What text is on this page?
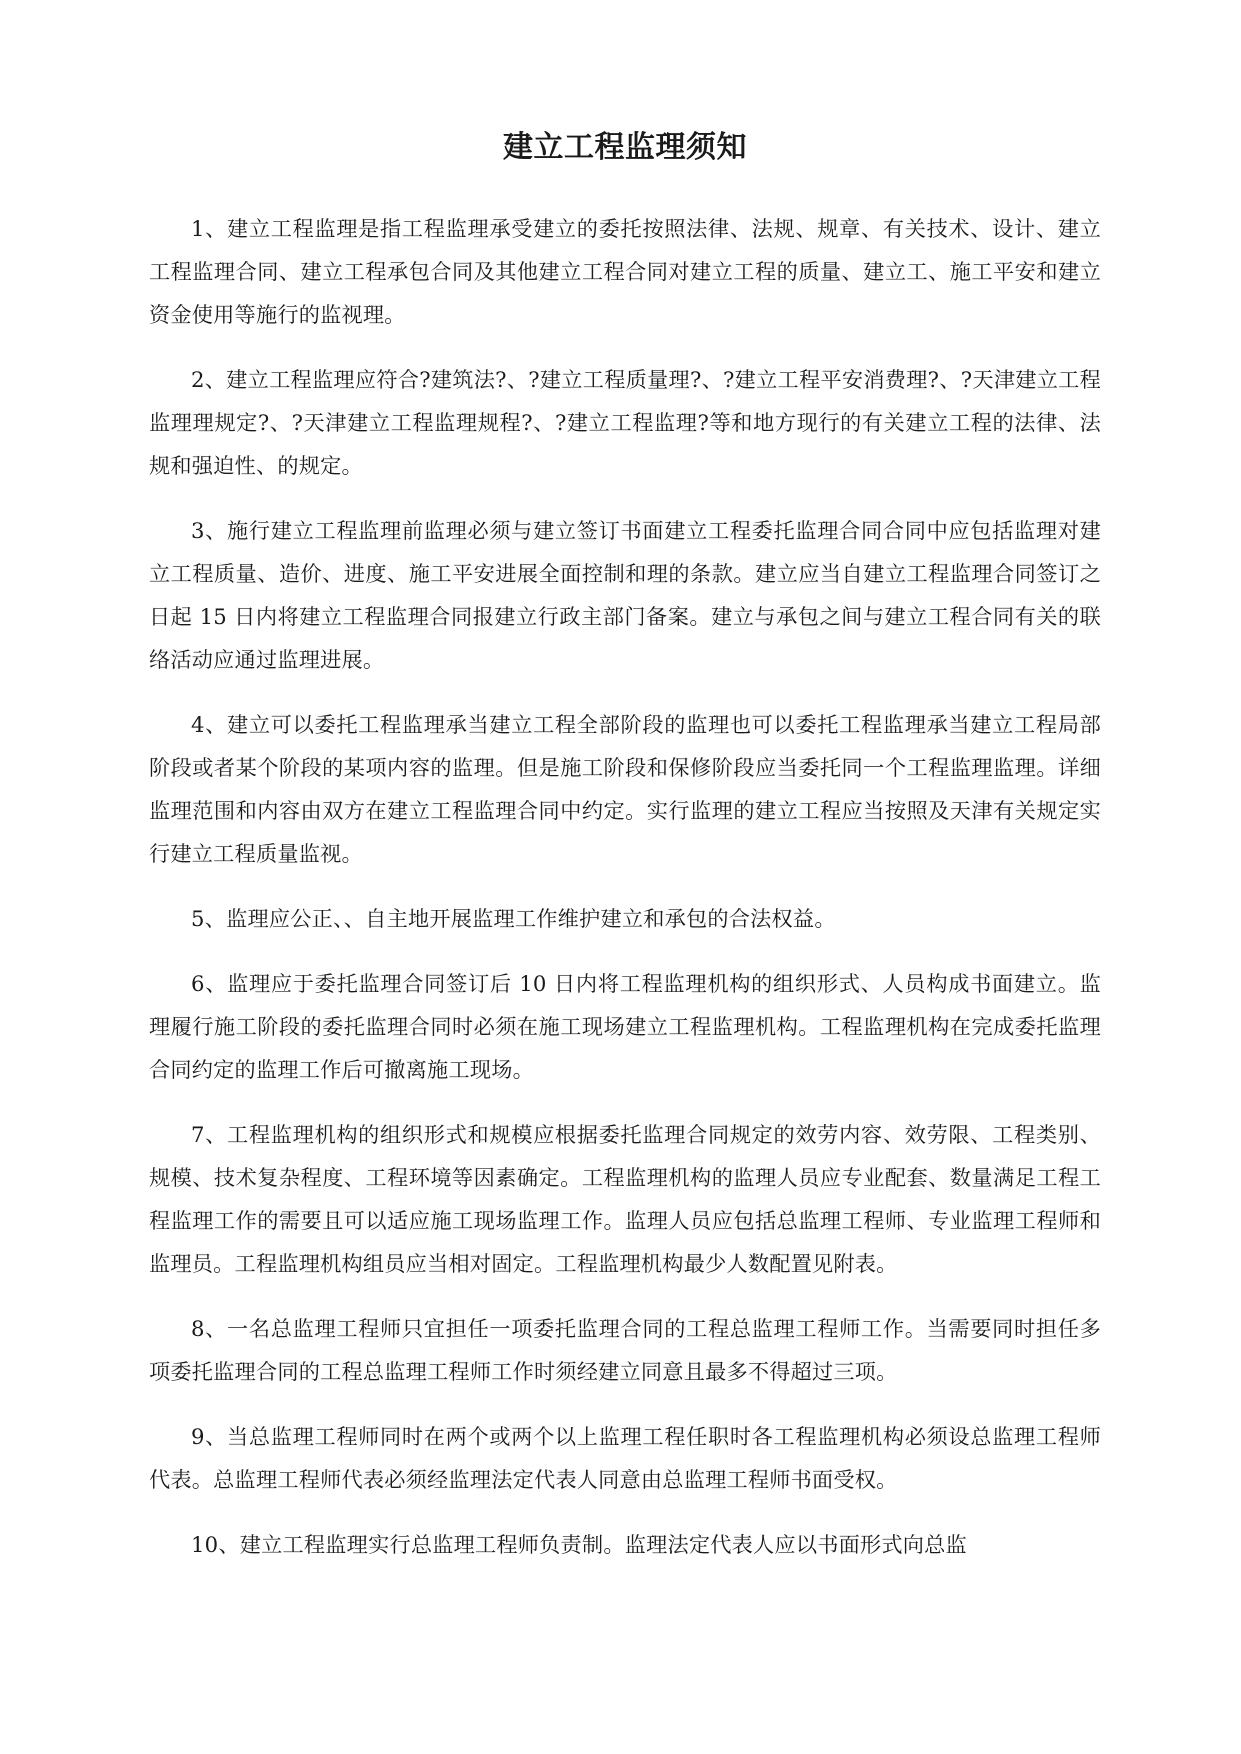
建立工程监理须知

1、建立工程监理是指工程监理承受建立的委托按照法律、法规、规章、有关技术、设计、建立工程监理合同、建立工程承包合同及其他建立工程合同对建立工程的质量、建立工、施工平安和建立资金使用等施行的监视理。

2、建立工程监理应符合?建筑法?、?建立工程质量理?、?建立工程平安消费理?、?天津建立工程监理理规定?、?天津建立工程监理规程?、?建立工程监理?等和地方现行的有关建立工程的法律、法规和强迫性、的规定。

3、施行建立工程监理前监理必须与建立签订书面建立工程委托监理合同合同中应包括监理对建立工程质量、造价、进度、施工平安进展全面控制和理的条款。建立应当自建立工程监理合同签订之日起 15 日内将建立工程监理合同报建立行政主部门备案。建立与承包之间与建立工程合同有关的联络活动应通过监理进展。

4、建立可以委托工程监理承当建立工程全部阶段的监理也可以委托工程监理承当建立工程局部阶段或者某个阶段的某项内容的监理。但是施工阶段和保修阶段应当委托同一个工程监理监理。详细监理范围和内容由双方在建立工程监理合同中约定。实行监理的建立工程应当按照及天津有关规定实行建立工程质量监视。

5、监理应公正、、自主地开展监理工作维护建立和承包的合法权益。

6、监理应于委托监理合同签订后 10 日内将工程监理机构的组织形式、人员构成书面建立。监理履行施工阶段的委托监理合同时必须在施工现场建立工程监理机构。工程监理机构在完成委托监理合同约定的监理工作后可撤离施工现场。

7、工程监理机构的组织形式和规模应根据委托监理合同规定的效劳内容、效劳限、工程类别、规模、技术复杂程度、工程环境等因素确定。工程监理机构的监理人员应专业配套、数量满足工程工程监理工作的需要且可以适应施工现场监理工作。监理人员应包括总监理工程师、专业监理工程师和监理员。工程监理机构组员应当相对固定。工程监理机构最少人数配置见附表。

8、一名总监理工程师只宜担任一项委托监理合同的工程总监理工程师工作。当需要同时担任多项委托监理合同的工程总监理工程师工作时须经建立同意且最多不得超过三项。

9、当总监理工程师同时在两个或两个以上监理工程任职时各工程监理机构必须设总监理工程师代表。总监理工程师代表必须经监理法定代表人同意由总监理工程师书面受权。

10、建立工程监理实行总监理工程师负责制。监理法定代表人应以书面形式向总监
